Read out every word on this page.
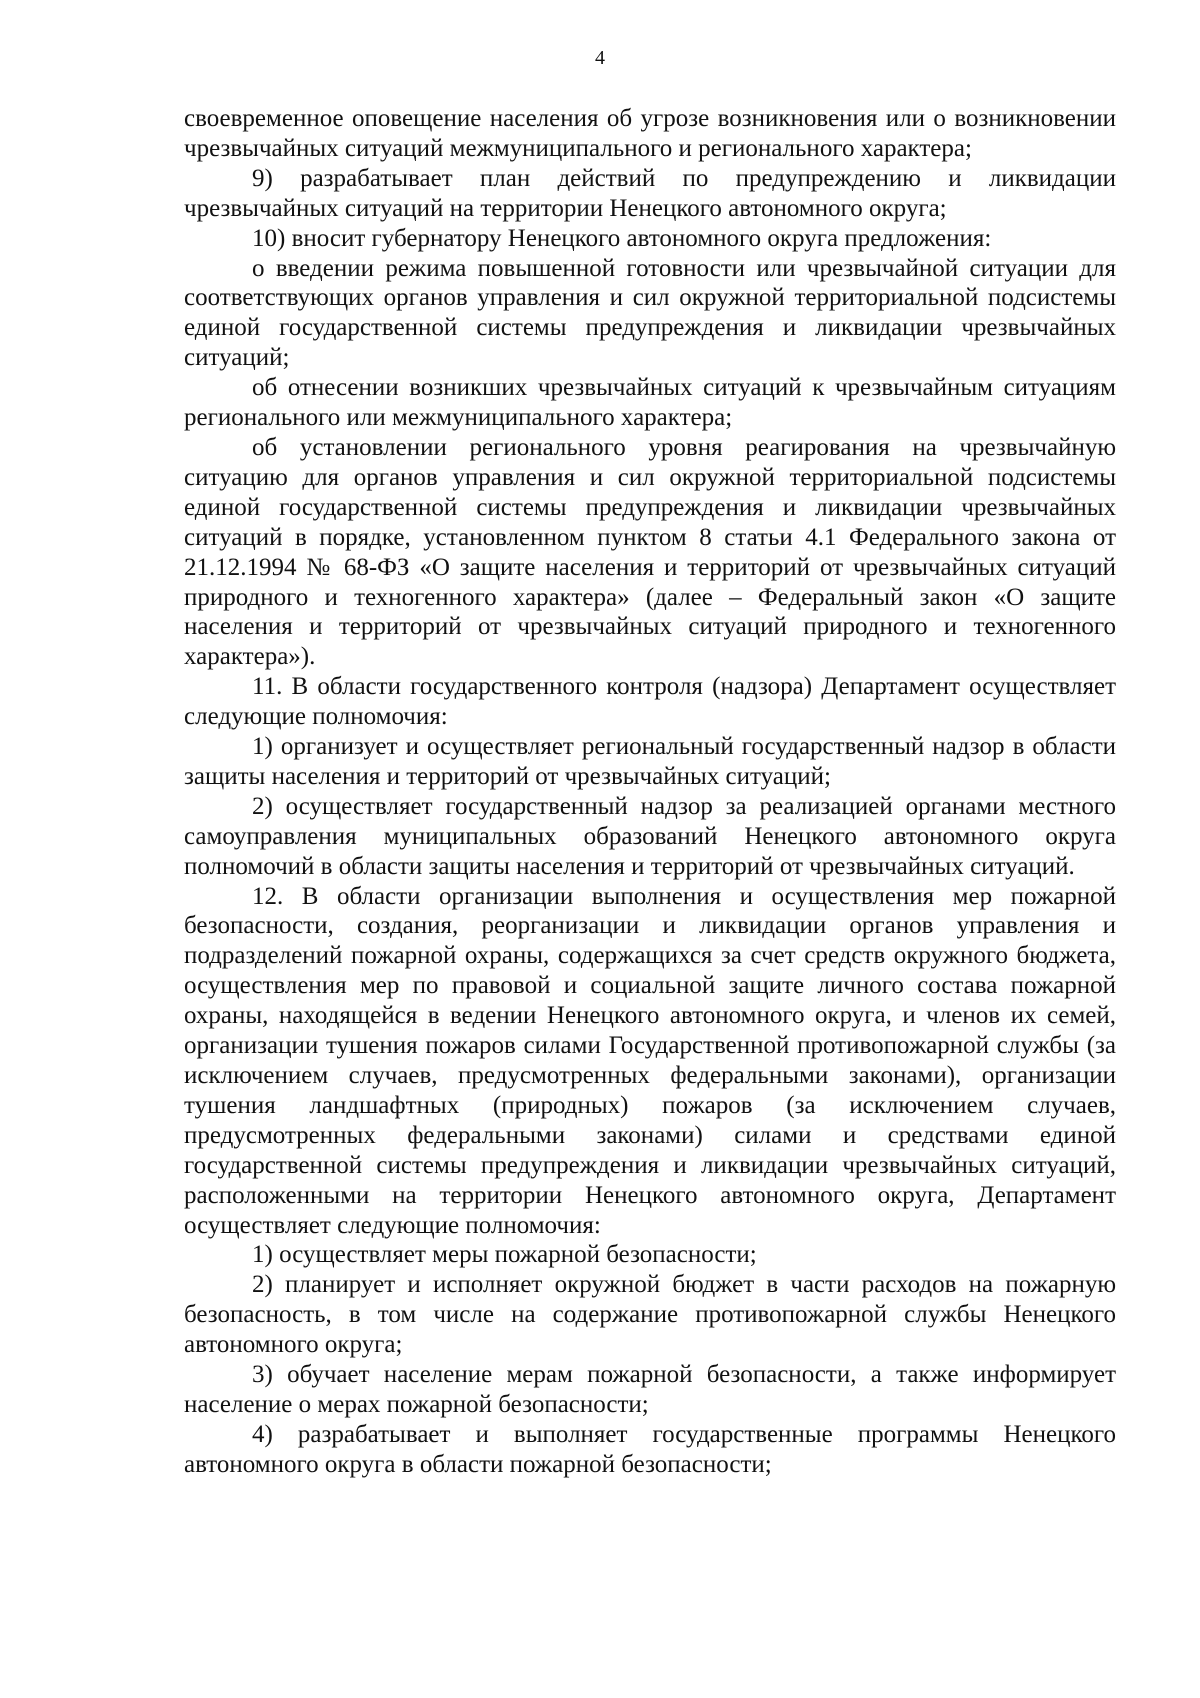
4

своевременное оповещение населения об угрозе возникновения или о возникновении чрезвычайных ситуаций межмуниципального и регионального характера;

9) разрабатывает план действий по предупреждению и ликвидации чрезвычайных ситуаций на территории Ненецкого автономного округа;

10) вносит губернатору Ненецкого автономного округа предложения:

о введении режима повышенной готовности или чрезвычайной ситуации для соответствующих органов управления и сил окружной территориальной подсистемы единой государственной системы предупреждения и ликвидации чрезвычайных ситуаций;

об отнесении возникших чрезвычайных ситуаций к чрезвычайным ситуациям регионального или межмуниципального характера;

об установлении регионального уровня реагирования на чрезвычайную ситуацию для органов управления и сил окружной территориальной подсистемы единой государственной системы предупреждения и ликвидации чрезвычайных ситуаций в порядке, установленном пунктом 8 статьи 4.1 Федерального закона от 21.12.1994 № 68-ФЗ «О защите населения и территорий от чрезвычайных ситуаций природного и техногенного характера» (далее – Федеральный закон «О защите населения и территорий от чрезвычайных ситуаций природного и техногенного характера»).

11. В области государственного контроля (надзора) Департамент осуществляет следующие полномочия:

1) организует и осуществляет региональный государственный надзор в области защиты населения и территорий от чрезвычайных ситуаций;

2) осуществляет государственный надзор за реализацией органами местного самоуправления муниципальных образований Ненецкого автономного округа полномочий в области защиты населения и территорий от чрезвычайных ситуаций.

12. В области организации выполнения и осуществления мер пожарной безопасности, создания, реорганизации и ликвидации органов управления и подразделений пожарной охраны, содержащихся за счет средств окружного бюджета, осуществления мер по правовой и социальной защите личного состава пожарной охраны, находящейся в ведении Ненецкого автономного округа, и членов их семей, организации тушения пожаров силами Государственной противопожарной службы (за исключением случаев, предусмотренных федеральными законами), организации тушения ландшафтных (природных) пожаров (за исключением случаев, предусмотренных федеральными законами) силами и средствами единой государственной системы предупреждения и ликвидации чрезвычайных ситуаций, расположенными на территории Ненецкого автономного округа, Департамент осуществляет следующие полномочия:

1) осуществляет меры пожарной безопасности;

2) планирует и исполняет окружной бюджет в части расходов на пожарную безопасность, в том числе на содержание противопожарной службы Ненецкого автономного округа;

3) обучает население мерам пожарной безопасности, а также информирует население о мерах пожарной безопасности;

4) разрабатывает и выполняет государственные программы Ненецкого автономного округа в области пожарной безопасности;
